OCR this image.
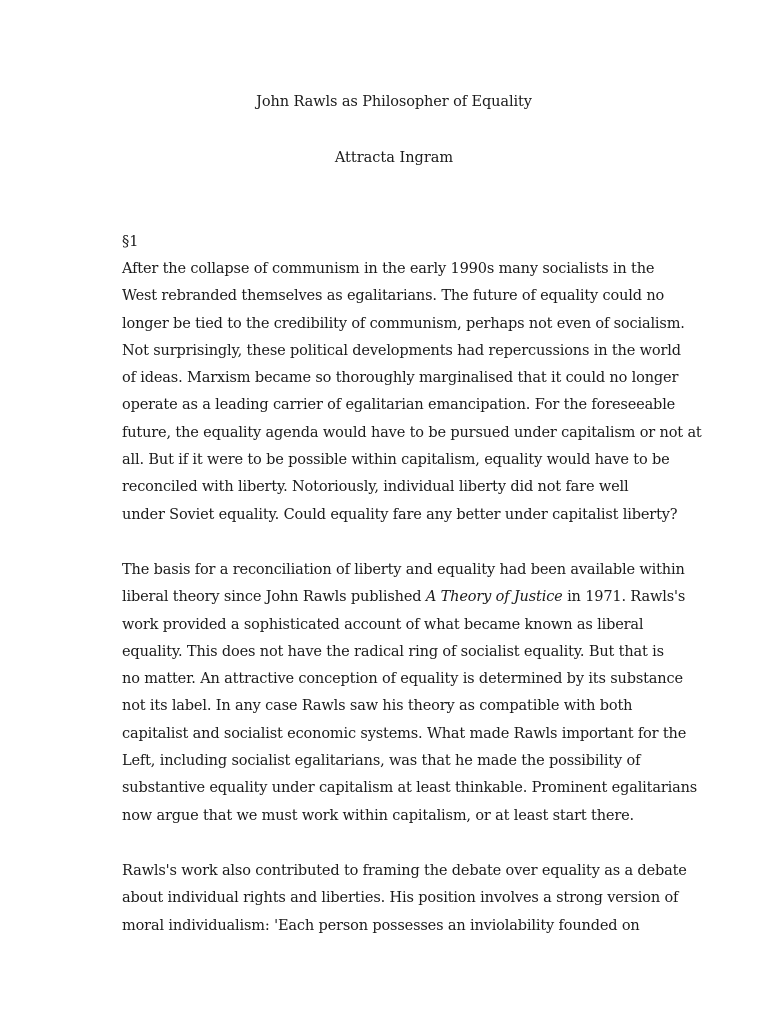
John Rawls as Philosopher of Equality
Attracta Ingram
§1

After the collapse of communism in the early 1990s many socialists in the
West rebranded themselves as egalitarians. The future of equality could no
longer be tied to the credibility of communism, perhaps not even of socialism.
Not surprisingly, these political developments had repercussions in the world
of ideas. Marxism became so thoroughly marginalised that it could no longer
operate as a leading carrier of egalitarian emancipation. For the foreseeable
future, the equality agenda would have to be pursued under capitalism or not at
all. But if it were to be possible within capitalism, equality would have to be
reconciled with liberty. Notoriously, individual liberty did not fare well
under Soviet equality. Could equality fare any better under capitalist liberty?

The basis for a reconciliation of liberty and equality had been available within
liberal theory since John Rawls published A Theory of Justice in 1971. Rawls's
work provided a sophisticated account of what became known as liberal
equality. This does not have the radical ring of socialist equality. But that is
no matter. An attractive conception of equality is determined by its substance
not its label. In any case Rawls saw his theory as compatible with both
capitalist and socialist economic systems. What made Rawls important for the
Left, including socialist egalitarians, was that he made the possibility of
substantive equality under capitalism at least thinkable. Prominent egalitarians
now argue that we must work within capitalism, or at least start there.

Rawls's work also contributed to framing the debate over equality as a debate
about individual rights and liberties. His position involves a strong version of
moral individualism: 'Each person possesses an inviolability founded on
